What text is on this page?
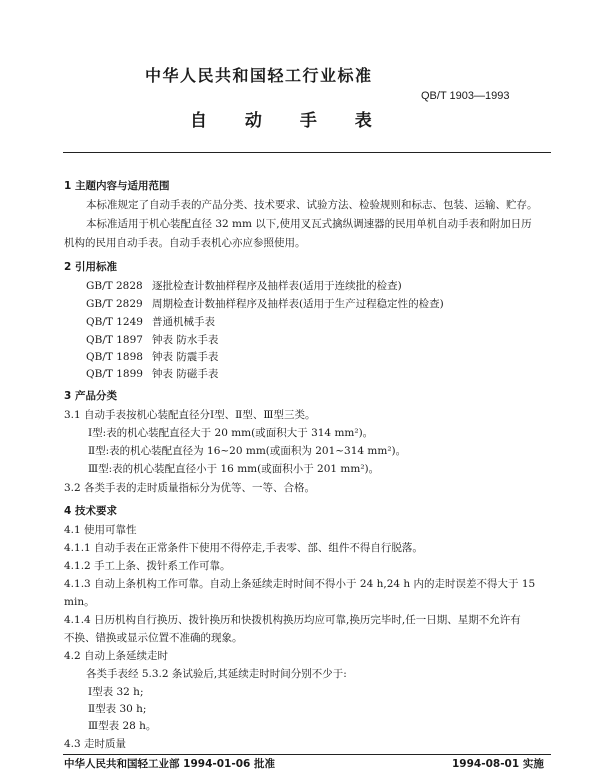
中华人民共和国轻工行业标准
QB/T 1903—1993
自 动 手 表
1 主题内容与适用范围
本标准规定了自动手表的产品分类、技术要求、试验方法、检验规则和标志、包装、运输、贮存。
本标准适用于机心装配直径 32 mm 以下,使用叉瓦式擒纵调速器的民用单机自动手表和附加日历
机构的民用自动手表。自动手表机心亦应参照使用。
2 引用标准
GB/T 2828 逐批检查计数抽样程序及抽样表(适用于连续批的检查)
GB/T 2829 周期检查计数抽样程序及抽样表(适用于生产过程稳定性的检查)
QB/T 1249 普通机械手表
QB/T 1897 钟表 防水手表
QB/T 1898 钟表 防震手表
QB/T 1899 钟表 防磁手表
3 产品分类
3.1 自动手表按机心装配直径分Ⅰ型、Ⅱ型、Ⅲ型三类。
Ⅰ型:表的机心装配直径大于 20 mm(或面积大于 314 mm²)。
Ⅱ型:表的机心装配直径为 16~20 mm(或面积为 201~314 mm²)。
Ⅲ型:表的机心装配直径小于 16 mm(或面积小于 201 mm²)。
3.2 各类手表的走时质量指标分为优等、一等、合格。
4 技术要求
4.1 使用可靠性
4.1.1 自动手表在正常条件下使用不得停走,手表零、部、组件不得自行脱落。
4.1.2 手工上条、拨针系工作可靠。
4.1.3 自动上条机构工作可靠。自动上条延续走时时间不得小于 24 h,24 h 内的走时误差不得大于 15
min。
4.1.4 日历机构自行换历、拨针换历和快拨机构换历均应可靠,换历完毕时,任一日期、星期不允许有
不换、错换或显示位置不准确的现象。
4.2 自动上条延续走时
各类手表经 5.3.2 条试验后,其延续走时时间分别不少于:
Ⅰ型表 32 h;
Ⅱ型表 30 h;
Ⅲ型表 28 h。
4.3 走时质量
中华人民共和国轻工业部 1994-01-06 批准	1994-08-01 实施
